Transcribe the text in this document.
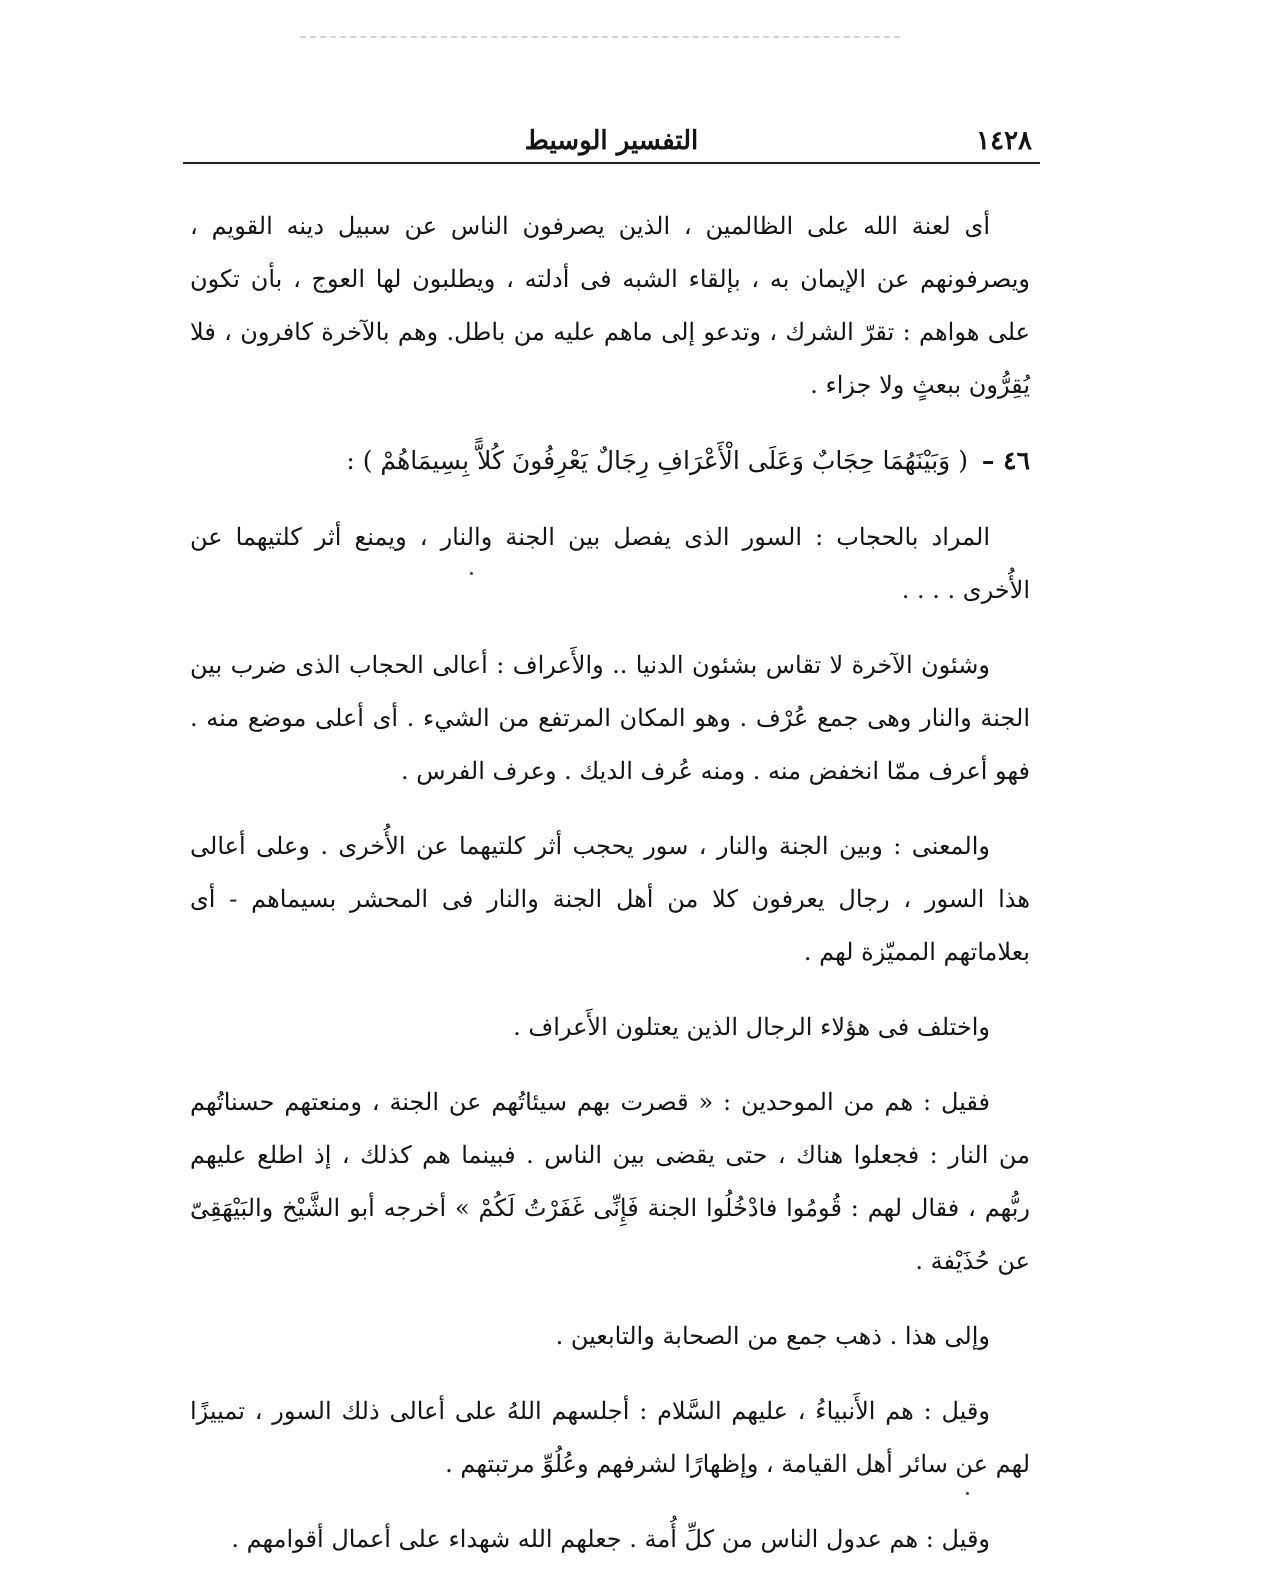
١٤٢٨
التفسير الوسيط

أى لعنة الله على الظالمين ، الذين يصرفون الناس عن سبيل دينه القويم ، ويصرفونهم عن الإيمان به ، بإلقاء الشبه فى أدلته ، ويطلبون لها العوج ، بأن تكون على هواهم : تقرّ الشرك ، وتدعو إلى ماهم عليه من باطل. وهم بالآخرة كافرون ، فلا يُقِرُّون ببعثٍ ولا جزاء .

٤٦ – ( وَبَيْنَهُمَا حِجَابٌ وَعَلَى الْأَعْرَافِ رِجَالٌ يَعْرِفُونَ كُلاًّ بِسِيمَاهُمْ ) :

المراد بالحجاب : السور الذى يفصل بين الجنة والنار ، ويمنع أثر كلتيهما عن الأُخرى . . . .

وشئون الآخرة لا تقاس بشئون الدنيا .. والأَعراف : أعالى الحجاب الذى ضرب بين الجنة والنار وهى جمع عُرْف . وهو المكان المرتفع من الشيء . أى أعلى موضع منه . فهو أعرف ممّا انخفض منه . ومنه عُرف الديك . وعرف الفرس .

والمعنى : وبين الجنة والنار ، سور يحجب أثر كلتيهما عن الأُخرى . وعلى أعالى هذا السور ، رجال يعرفون كلا من أهل الجنة والنار فى المحشر بسيماهم - أى بعلاماتهم المميّزة لهم .

واختلف فى هؤلاء الرجال الذين يعتلون الأَعراف .

فقيل : هم من الموحدين : « قصرت بهم سيئاتُهم عن الجنة ، ومنعتهم حسناتُهم من النار : فجعلوا هناك ، حتى يقضى بين الناس . فبينما هم كذلك ، إذ اطلع عليهم ربُّهم ، فقال لهم : قُومُوا فادْخُلُوا الجنة فَإِنِّى غَفَرْتُ لَكُمْ » أخرجه أبو الشَّيْخ والبَيْهَقِىّ عن حُذَيْفة .

وإلى هذا . ذهب جمع من الصحابة والتابعين .

وقيل : هم الأَنبياءُ ، عليهم السَّلام : أجلسهم اللهُ على أعالى ذلك السور ، تمييزًا لهم عن سائر أهل القيامة ، وإظهارًا لشرفهم وعُلُوِّ مرتبتهم .

وقيل : هم عدول الناس من كلِّ أُمة . جعلهم الله شهداء على أعمال أقوامهم .
